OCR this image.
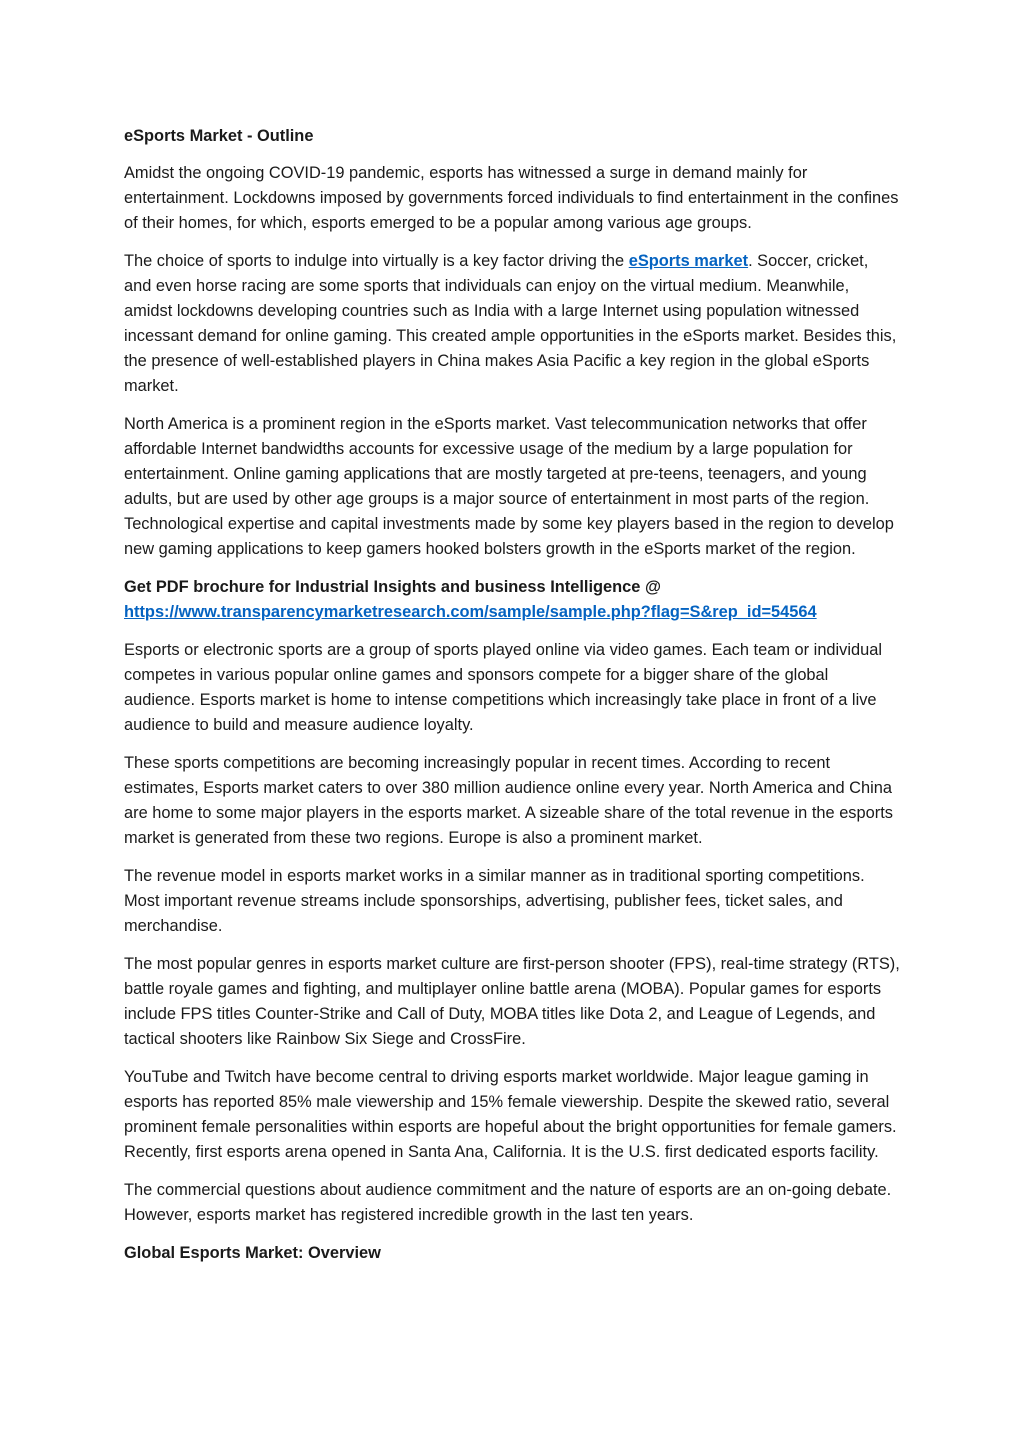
eSports Market - Outline

Amidst the ongoing COVID-19 pandemic, esports has witnessed a surge in demand mainly for entertainment. Lockdowns imposed by governments forced individuals to find entertainment in the confines of their homes, for which, esports emerged to be a popular among various age groups.

The choice of sports to indulge into virtually is a key factor driving the eSports market. Soccer, cricket, and even horse racing are some sports that individuals can enjoy on the virtual medium. Meanwhile, amidst lockdowns developing countries such as India with a large Internet using population witnessed incessant demand for online gaming. This created ample opportunities in the eSports market. Besides this, the presence of well-established players in China makes Asia Pacific a key region in the global eSports market.

North America is a prominent region in the eSports market. Vast telecommunication networks that offer affordable Internet bandwidths accounts for excessive usage of the medium by a large population for entertainment. Online gaming applications that are mostly targeted at pre-teens, teenagers, and young adults, but are used by other age groups is a major source of entertainment in most parts of the region. Technological expertise and capital investments made by some key players based in the region to develop new gaming applications to keep gamers hooked bolsters growth in the eSports market of the region.

Get PDF brochure for Industrial Insights and business Intelligence @
https://www.transparencymarketresearch.com/sample/sample.php?flag=S&rep_id=54564

Esports or electronic sports are a group of sports played online via video games. Each team or individual competes in various popular online games and sponsors compete for a bigger share of the global audience. Esports market is home to intense competitions which increasingly take place in front of a live audience to build and measure audience loyalty.

These sports competitions are becoming increasingly popular in recent times. According to recent estimates, Esports market caters to over 380 million audience online every year. North America and China are home to some major players in the esports market. A sizeable share of the total revenue in the esports market is generated from these two regions. Europe is also a prominent market.

The revenue model in esports market works in a similar manner as in traditional sporting competitions. Most important revenue streams include sponsorships, advertising, publisher fees, ticket sales, and merchandise.

The most popular genres in esports market culture are first-person shooter (FPS), real-time strategy (RTS), battle royale games and fighting, and multiplayer online battle arena (MOBA). Popular games for esports include FPS titles Counter-Strike and Call of Duty, MOBA titles like Dota 2, and League of Legends, and tactical shooters like Rainbow Six Siege and CrossFire.

YouTube and Twitch have become central to driving esports market worldwide. Major league gaming in esports has reported 85% male viewership and 15% female viewership. Despite the skewed ratio, several prominent female personalities within esports are hopeful about the bright opportunities for female gamers. Recently, first esports arena opened in Santa Ana, California. It is the U.S. first dedicated esports facility.

The commercial questions about audience commitment and the nature of esports are an on-going debate. However, esports market has registered incredible growth in the last ten years.

Global Esports Market: Overview
